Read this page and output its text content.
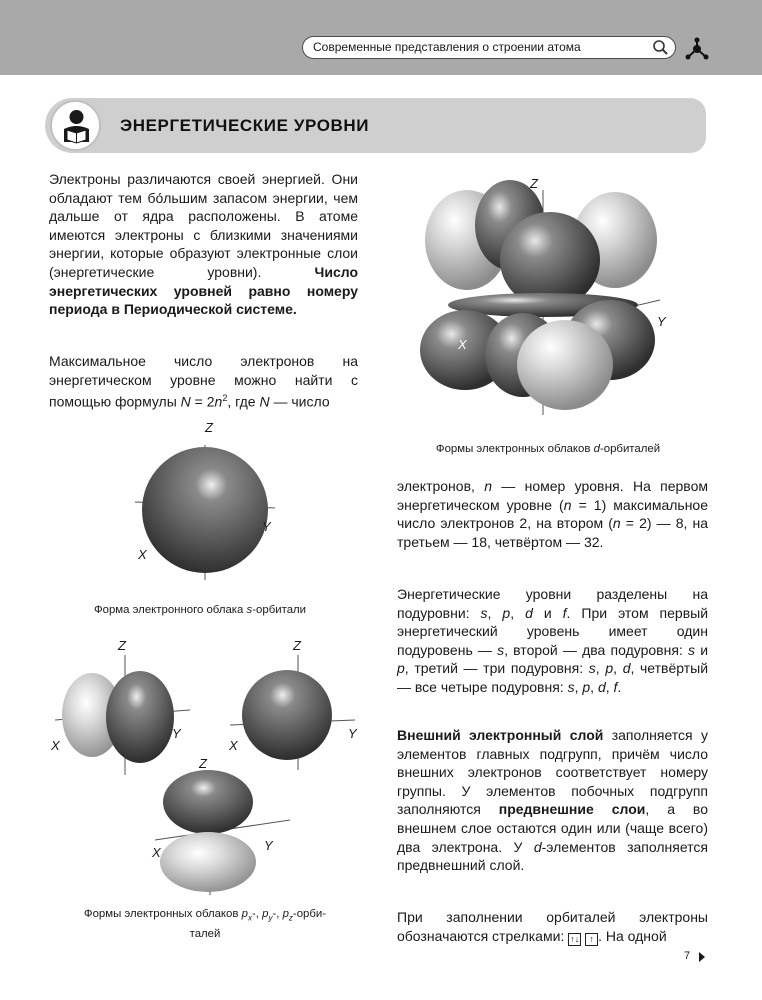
Современные представления о строении атома
ЭНЕРГЕТИЧЕСКИЕ УРОВНИ
Электроны различаются своей энергией. Они обладают тем бо́льшим запасом энергии, чем дальше от ядра расположены. В атоме имеются электроны с близкими значениями энергии, которые образуют электронные слои (энергетические уровни).	Число энергетических уровней равно номеру периода в Периодической системе.
Максимальное число электронов на энергетическом уровне можно найти с помощью формулы $N = 2n^2$, где N — число
Z
Y
X
Формы электронных облаков d-орбиталей
Z
Y
X
Форма электронного облака s-орбитали
Z
Y
X
Z
Y
X
Z
Y
X
Формы электронных облаков $p_x-$, $p_y-$, $p_z-орби-$
талей
электронов, n — номер уровня. На первом энергетическом уровне (n = 1) максимальное число электронов 2, на втором (n = 2) — 8, на третьем — 18, четвёртом — 32.
Энергетические уровни разделены на подуровни: s, p, d и f. При этом первый энергетический уровень имеет один подуровень — s, второй — два подуровня: s и p, третий — три подуровня: s, p, d, четвёртый — все четыре подуровня: s, p, d, f.
Внешний электронный слой заполняется у элементов главных подгрупп, причём число внешних электронов соответствует номеру группы. У элементов побочных подгрупп заполняются предвнешние слои, а во внешнем слое остаются один или (чаще всего) два электрона. У d-элементов заполняется предвнешний слой.
При заполнении орбиталей электроны обозначаются стрелками: ↑↓ ↑ . На одной
7
